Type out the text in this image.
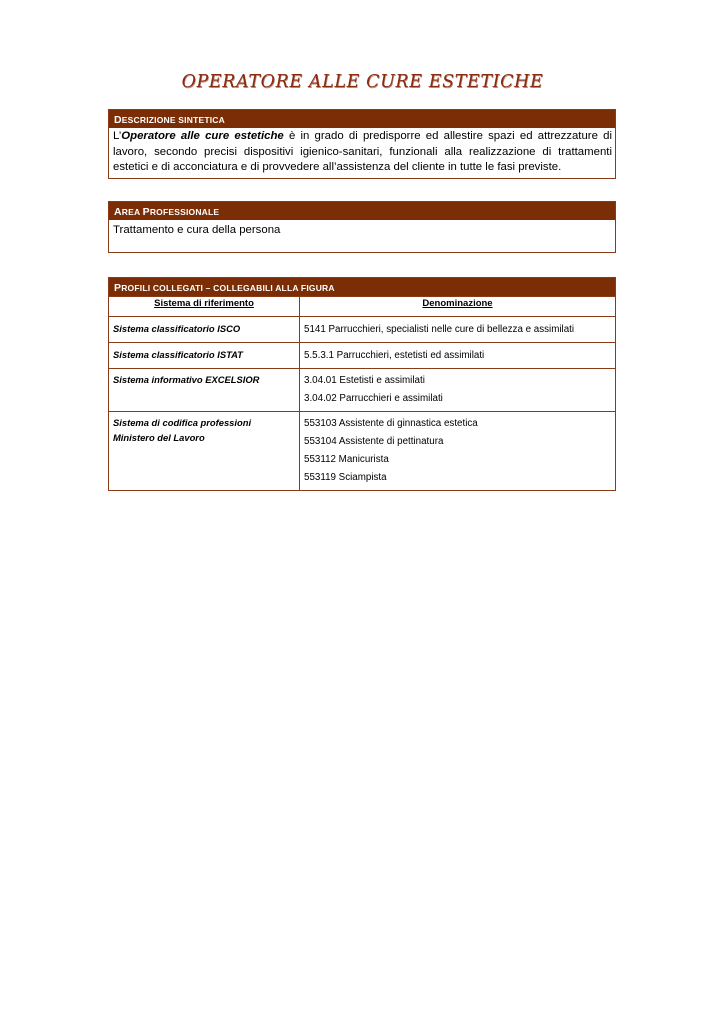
OPERATORE ALLE CURE ESTETICHE
DESCRIZIONE SINTETICA
L’Operatore alle cure estetiche è in grado di predisporre ed allestire spazi ed attrezzature di lavoro, secondo precisi dispositivi igienico-sanitari, funzionali alla realizzazione di trattamenti estetici e di acconciatura e di provvedere all’assistenza del cliente in tutte le fasi previste.
AREA PROFESSIONALE
Trattamento e cura della persona
PROFILI COLLEGATI – COLLEGABILI ALLA FIGURA
Sistema di riferimento	Denominazione
Sistema classificatorio ISCO	5141 Parrucchieri, specialisti nelle cure di bellezza e assimilati

Sistema classificatorio ISTAT	5.5.3.1 Parrucchieri, estetisti ed assimilati

Sistema informativo EXCELSIOR	3.04.01 Estetisti e assimilati
3.04.02 Parrucchieri e assimilati

Sistema di codifica professioni Ministero del Lavoro	553103 Assistente di ginnastica estetica
553104 Assistente di pettinatura
553112 Manicurista
553119 Sciampista
